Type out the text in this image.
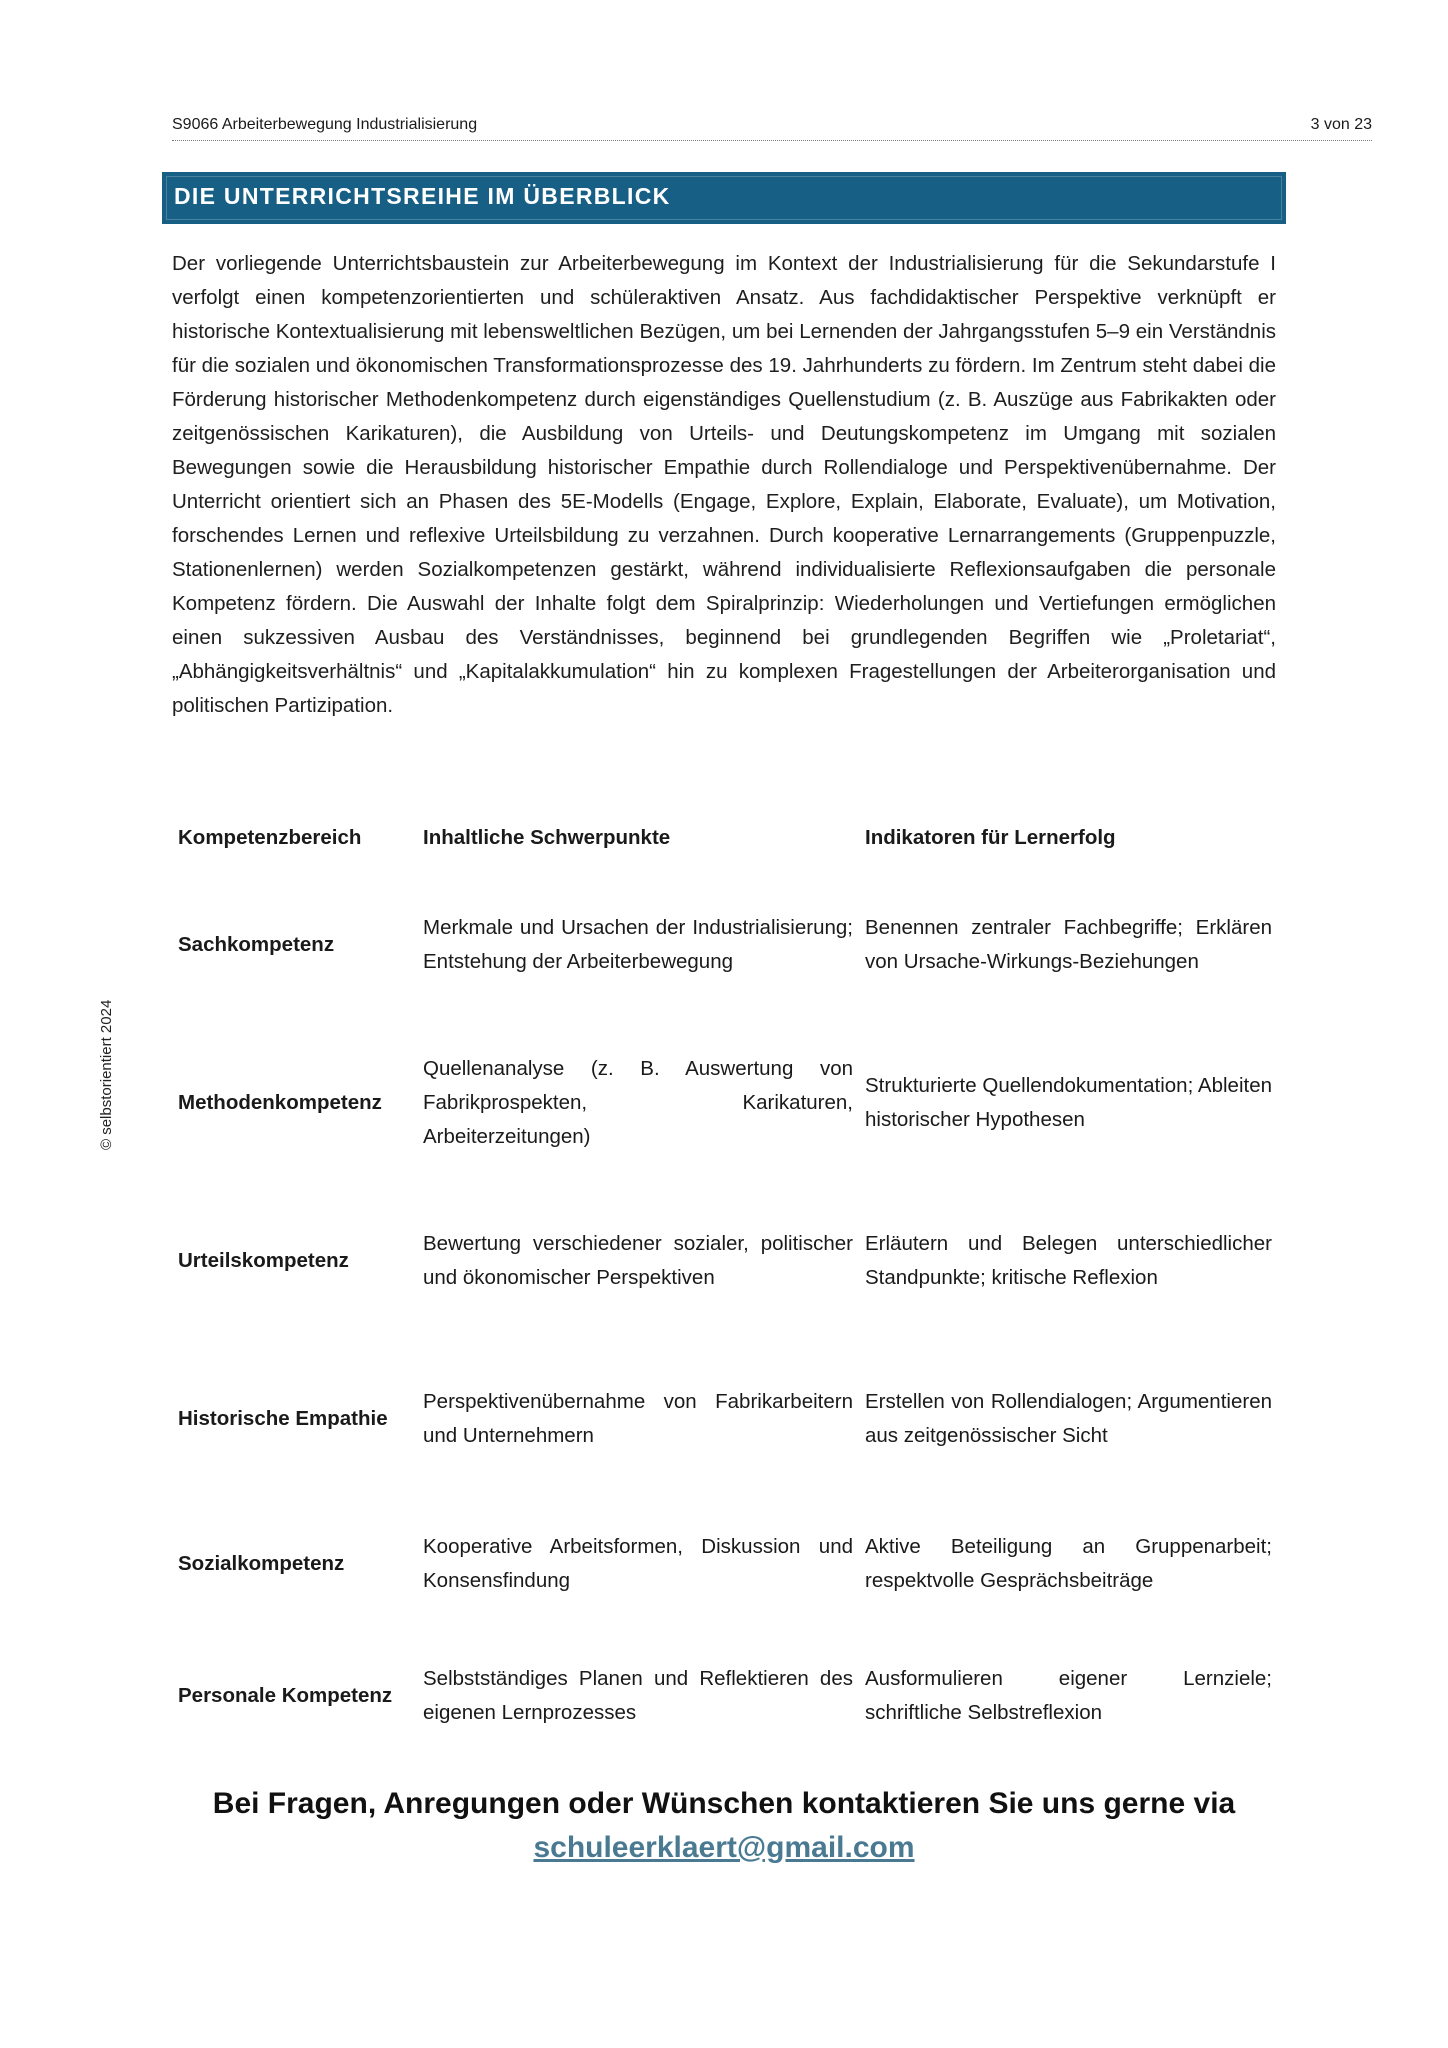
S9066 Arbeiterbewegung Industrialisierung	3 von 23
© selbstorientiert 2024
DIE UNTERRICHTSREIHE IM ÜBERBLICK

Der vorliegende Unterrichtsbaustein zur Arbeiterbewegung im Kontext der Industrialisierung für die Sekundarstufe I verfolgt einen kompetenzorientierten und schüleraktiven Ansatz. Aus fachdidaktischer Perspektive verknüpft er historische Kontextualisierung mit lebensweltlichen Bezügen, um bei Lernenden der Jahrgangsstufen 5–9 ein Verständnis für die sozialen und ökonomischen Transformationsprozesse des 19. Jahrhunderts zu fördern. Im Zentrum steht dabei die Förderung historischer Methodenkompetenz durch eigenständiges Quellenstudium (z. B. Auszüge aus Fabrikakten oder zeitgenössischen Karikaturen), die Ausbildung von Urteils- und Deutungskompetenz im Umgang mit sozialen Bewegungen sowie die Herausbildung historischer Empathie durch Rollendialoge und Perspektivenübernahme. Der Unterricht orientiert sich an Phasen des 5E-Modells (Engage, Explore, Explain, Elaborate, Evaluate), um Motivation, forschendes Lernen und reflexive Urteilsbildung zu verzahnen. Durch kooperative Lernarrangements (Gruppenpuzzle, Stationenlernen) werden Sozialkompetenzen gestärkt, während individualisierte Reflexionsaufgaben die personale Kompetenz fördern. Die Auswahl der Inhalte folgt dem Spiralprinzip: Wiederholungen und Vertiefungen ermöglichen einen sukzessiven Ausbau des Verständnisses, beginnend bei grundlegenden Begriffen wie „Proletariat“, „Abhängigkeitsverhältnis“ und „Kapitalakkumulation“ hin zu komplexen Fragestellungen der Arbeiterorganisation und politischen Partizipation.

Kompetenzbereich	Inhaltliche Schwerpunkte	Indikatoren für Lernerfolg
Sachkompetenz	Merkmale und Ursachen der Industrialisierung; Entstehung der Arbeiterbewegung	Benennen zentraler Fachbegriffe; Erklären von Ursache-Wirkungs-Beziehungen
Methodenkompetenz	Quellenanalyse (z. B. Auswertung von Fabrikprospekten, Karikaturen, Arbeiterzeitungen)	Strukturierte Quellendokumentation; Ableiten historischer Hypothesen
Urteilskompetenz	Bewertung verschiedener sozialer, politischer und ökonomischer Perspektiven	Erläutern und Belegen unterschiedlicher Standpunkte; kritische Reflexion
Historische Empathie	Perspektivenübernahme von Fabrikarbeitern und Unternehmern	Erstellen von Rollendialogen; Argumentieren aus zeitgenössischer Sicht
Sozialkompetenz	Kooperative Arbeitsformen, Diskussion und Konsensfindung	Aktive Beteiligung an Gruppenarbeit; respektvolle Gesprächsbeiträge
Personale Kompetenz	Selbstständiges Planen und Reflektieren des eigenen Lernprozesses	Ausformulieren eigener Lernziele; schriftliche Selbstreflexion
Bei Fragen, Anregungen oder Wünschen kontaktieren Sie uns gerne via
schuleerklaert@gmail.com
